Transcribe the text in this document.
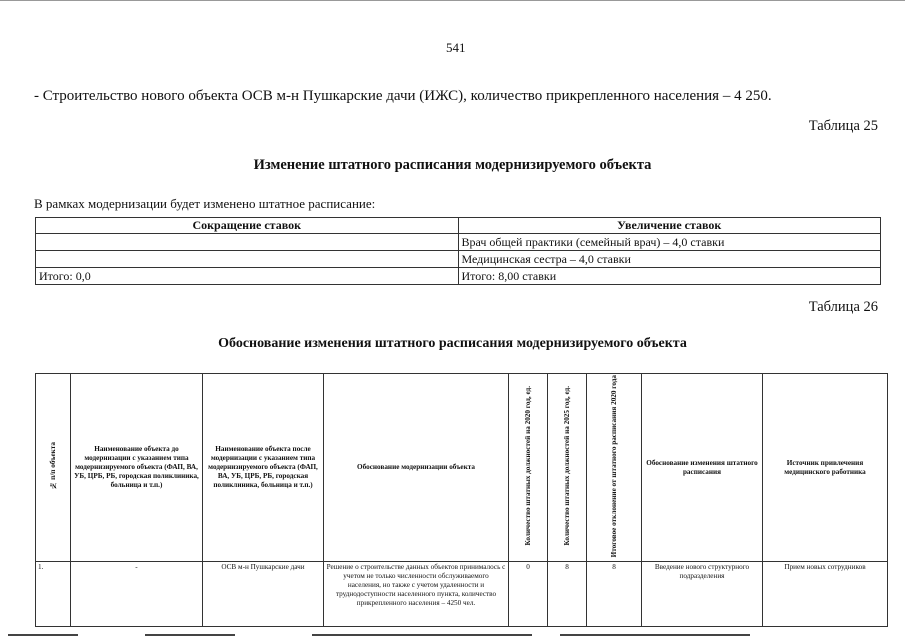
541
- Строительство нового объекта ОСВ м-н Пушкарские дачи (ИЖС), количество прикрепленного населения – 4 250.
Таблица 25
Изменение штатного расписания модернизируемого объекта
В рамках модернизации будет изменено штатное расписание:
Сокращение ставок	Увеличение ставок
	Врач общей практики (семейный врач) – 4,0 ставки
	Медицинская сестра – 4,0 ставки
Итого: 0,0	Итого: 8,00 ставки
Таблица 26
Обоснование изменения штатного расписания модернизируемого объекта
№ п/п объекта	Наименование объекта до модернизации с указанием типа модернизируемого объекта (ФАП, ВА, УБ, ЦРБ, РБ, городская поликлиника, больница и т.п.)	Наименование объекта после модернизации с указанием типа модернизируемого объекта (ФАП, ВА, УБ, ЦРБ, РБ, городская поликлиника, больница и т.п.)	Обоснование модернизации объекта	Количество штатных должностей на 2020 год, ед.	Количество штатных должностей на 2025 год, ед.	Итоговое отклонение от штатного расписания 2020 года	Обоснование изменения штатного расписания	Источник привлечения медицинского работника
1.	-	ОСВ м-н Пушкарские дачи	Решение о строительстве данных объектов принималось с учетом не только численности обслуживаемого населения, но также с учетом удаленности и труднодоступности населенного пункта, количество прикрепленного населения – 4250 чел.	0	8	8	Введение нового структурного подразделения	Прием новых сотрудников
